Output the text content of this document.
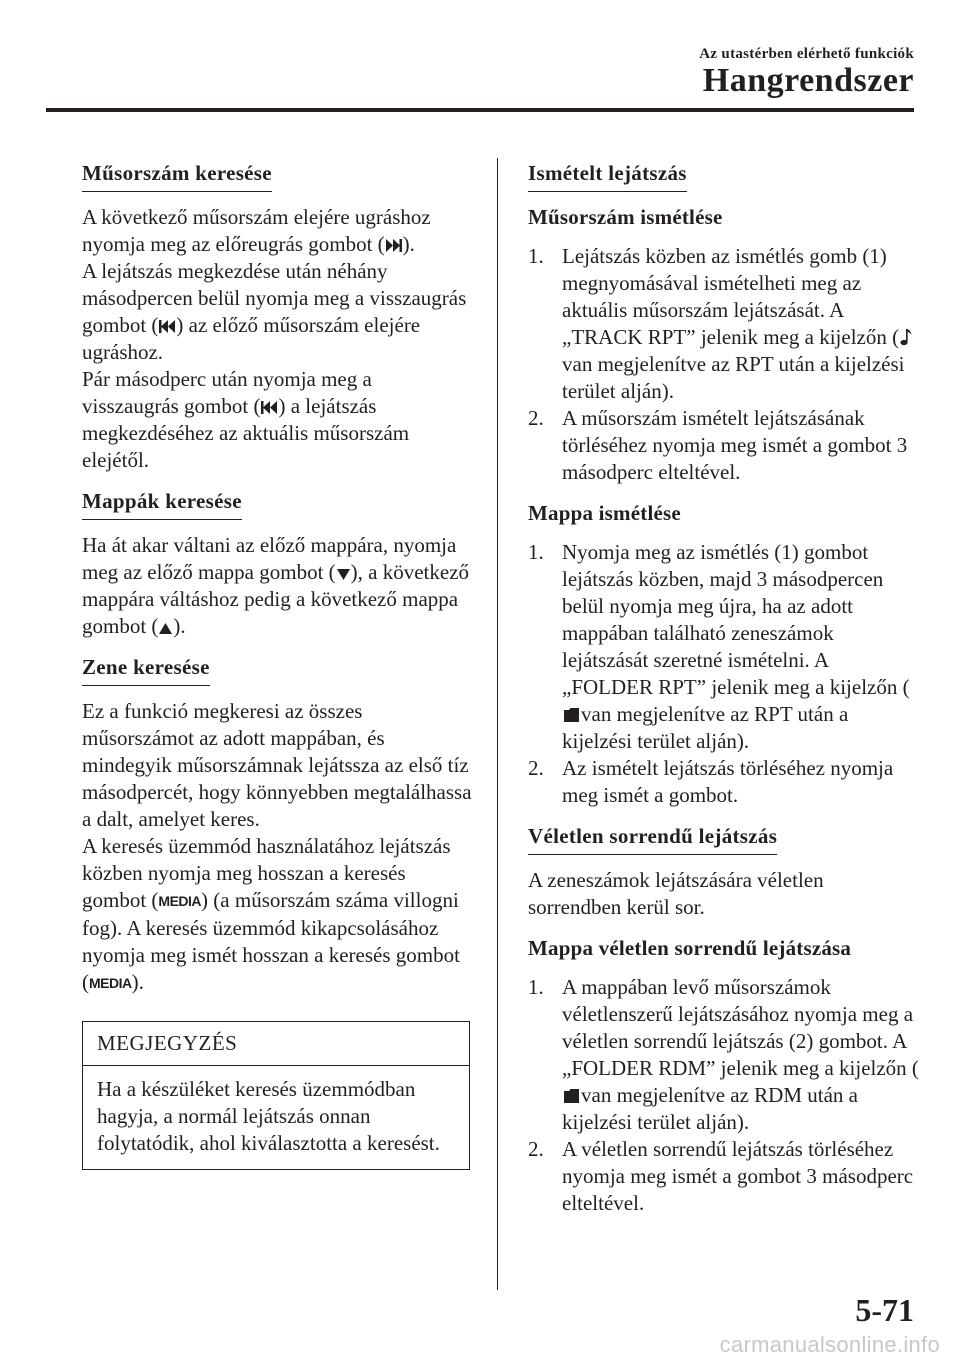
Az utastérben elérhető funkciók
Hangrendszer
Műsorszám keresése

A következő műsorszám elejére ugráshoz nyomja meg az előreugrás gombot ( ).
A lejátszás megkezdése után néhány másodpercen belül nyomja meg a visszaugrás gombot ( ) az előző műsorszám elejére ugráshoz.
Pár másodperc után nyomja meg a visszaugrás gombot ( ) a lejátszás megkezdéséhez az aktuális műsorszám elejétől.

Mappák keresése

Ha át akar váltani az előző mappára, nyomja meg az előző mappa gombot ( ), a következő mappára váltáshoz pedig a következő mappa gombot ( ).

Zene keresése

Ez a funkció megkeresi az összes műsorszámot az adott mappában, és mindegyik műsorszámnak lejátssza az első tíz másodpercét, hogy könnyebben megtalálhassa a dalt, amelyet keres.
A keresés üzemmód használatához lejátszás közben nyomja meg hosszan a keresés gombot (MEDIA) (a műsorszám száma villogni fog). A keresés üzemmód kikapcsolásához nyomja meg ismét hosszan a keresés gombot (MEDIA).

MEGJEGYZÉS
Ha a készüléket keresés üzemmódban hagyja, a normál lejátszás onnan folytatódik, ahol kiválasztotta a keresést.
Ismételt lejátszás
Műsorszám ismétlése
1. Lejátszás közben az ismétlés gomb (1) megnyomásával ismételheti meg az aktuális műsorszám lejátszását. A „TRACK RPT” jelenik meg a kijelzőn (van megjelenítve az RPT után a kijelzési terület alján).
2. A műsorszám ismételt lejátszásának törléséhez nyomja meg ismét a gombot 3 másodperc elteltével.
Mappa ismétlése
1. Nyomja meg az ismétlés (1) gombot lejátszás közben, majd 3 másodpercen belül nyomja meg újra, ha az adott mappában található zeneszámok lejátszását szeretné ismételni. A „FOLDER RPT” jelenik meg a kijelzőn (van megjelenítve az RPT után a kijelzési terület alján).
2. Az ismételt lejátszás törléséhez nyomja meg ismét a gombot.
Véletlen sorrendű lejátszás

A zeneszámok lejátszására véletlen sorrendben kerül sor.

Mappa véletlen sorrendű lejátszása
1. A mappában levő műsorszámok véletlenszerű lejátszásához nyomja meg a véletlen sorrendű lejátszás (2) gombot. A „FOLDER RDM” jelenik meg a kijelzőn (van megjelenítve az RDM után a kijelzési terület alján).
2. A véletlen sorrendű lejátszás törléséhez nyomja meg ismét a gombot 3 másodperc elteltével.
5-71
carmanualsonline.info
